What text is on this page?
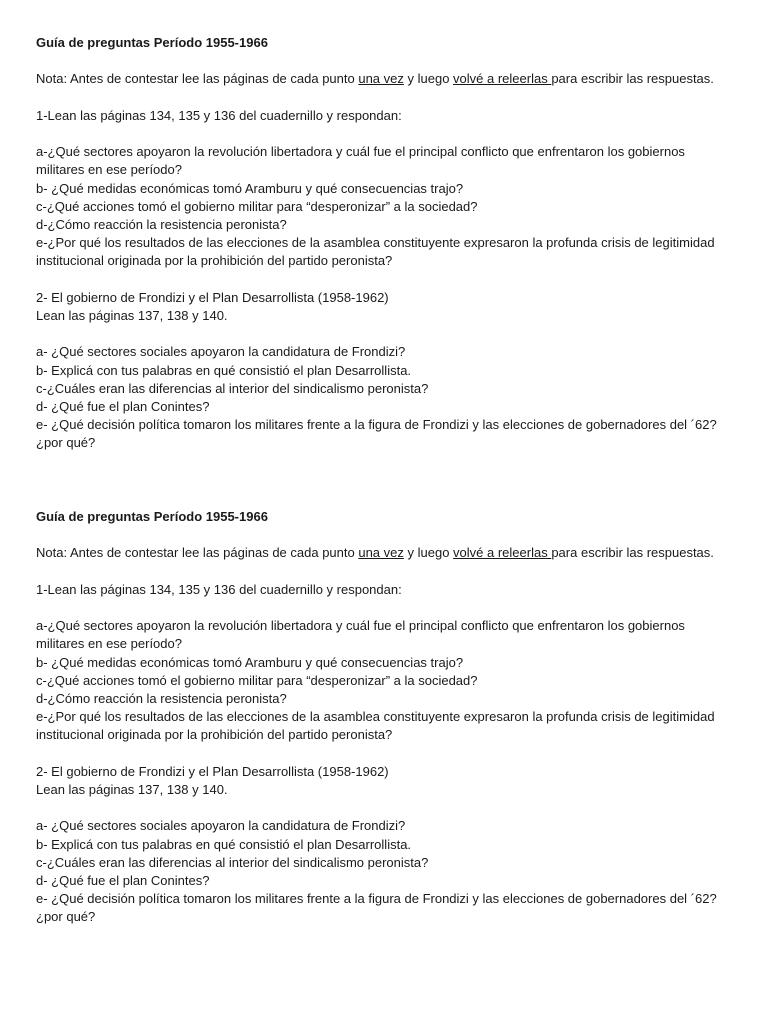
Guía de preguntas Período 1955-1966

Nota: Antes de contestar lee las páginas de cada punto una vez y luego volvé a releerlas para escribir las respuestas.

1-Lean las páginas 134, 135 y 136 del cuadernillo y respondan:

a-¿Qué sectores apoyaron la revolución libertadora y cuál fue el principal conflicto que enfrentaron los gobiernos militares en ese período?

b- ¿Qué medidas económicas tomó Aramburu y qué consecuencias trajo?

c-¿Qué acciones tomó el gobierno militar para “desperonizar” a la sociedad?

d-¿Cómo reacción la resistencia peronista?

e-¿Por qué los resultados de las elecciones de la asamblea constituyente expresaron la profunda crisis de legitimidad institucional originada por la prohibición del partido peronista?

2- El gobierno de Frondizi y el Plan Desarrollista (1958-1962)

Lean las páginas 137, 138 y 140.

a- ¿Qué sectores sociales apoyaron la candidatura de Frondizi?

b- Explicá con tus palabras en qué consistió el plan Desarrollista.

c-¿Cuáles eran las diferencias al interior del sindicalismo peronista?

d- ¿Qué fue el plan Conintes?

e- ¿Qué decisión política tomaron los militares frente a la figura de Frondizi y las elecciones de gobernadores del ´62? ¿por qué?

Guía de preguntas Período 1955-1966

Nota: Antes de contestar lee las páginas de cada punto una vez y luego volvé a releerlas para escribir las respuestas.

1-Lean las páginas 134, 135 y 136 del cuadernillo y respondan:

a-¿Qué sectores apoyaron la revolución libertadora y cuál fue el principal conflicto que enfrentaron los gobiernos militares en ese período?

b- ¿Qué medidas económicas tomó Aramburu y qué consecuencias trajo?

c-¿Qué acciones tomó el gobierno militar para “desperonizar” a la sociedad?

d-¿Cómo reacción la resistencia peronista?

e-¿Por qué los resultados de las elecciones de la asamblea constituyente expresaron la profunda crisis de legitimidad institucional originada por la prohibición del partido peronista?

2- El gobierno de Frondizi y el Plan Desarrollista (1958-1962)

Lean las páginas 137, 138 y 140.

a- ¿Qué sectores sociales apoyaron la candidatura de Frondizi?

b- Explicá con tus palabras en qué consistió el plan Desarrollista.

c-¿Cuáles eran las diferencias al interior del sindicalismo peronista?

d- ¿Qué fue el plan Conintes?

e- ¿Qué decisión política tomaron los militares frente a la figura de Frondizi y las elecciones de gobernadores del ´62? ¿por qué?
